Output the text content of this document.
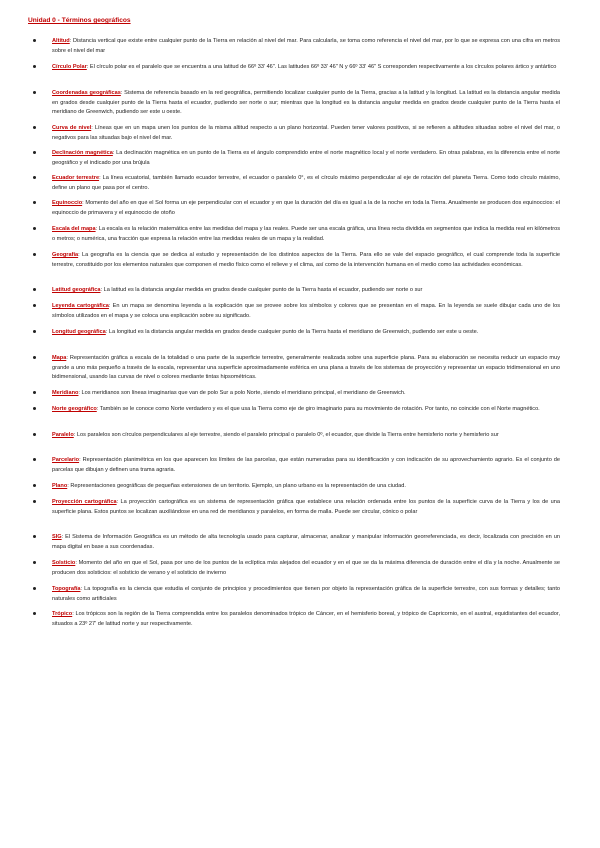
Unidad 0 - Términos geográficos

Altitud: Distancia vertical que existe entre cualquier punto de la Tierra en relación al nivel del mar. Para calcularla, se toma como referencia el nivel del mar, por lo que se expresa con una cifra en metros sobre el nivel del mar

Círculo Polar: El círculo polar es el paralelo que se encuentra a una latitud de 66º 33' 46". Las latitudes 66º 33' 46" N y 66º 33' 46" S corresponden respectivamente a los círculos polares ártico y antártico

Coordenadas geográficas: Sistema de referencia basado en la red geográfica, permitiendo localizar cualquier punto de la Tierra, gracias a la latitud y la longitud. La latitud es la distancia angular medida en grados desde cualquier punto de la Tierra hasta el ecuador, pudiendo ser norte o sur; mientras que la longitud es la distancia angular medida en grados desde cualquier punto de la Tierra hasta el meridiano de Greenwich, pudiendo ser este u oeste.

Curva de nivel: Líneas que en un mapa unen los puntos de la misma altitud respecto a un plano horizontal. Pueden tener valores positivos, si se refieren a altitudes situadas sobre el nivel del mar, o negativos para las situadas bajo el nivel del mar.

Declinación magnética: La declinación magnética en un punto de la Tierra es el ángulo comprendido entre el norte magnético local y el norte verdadero. En otras palabras, es la diferencia entre el norte geográfico y el indicado por una brújula

Ecuador terrestre: La línea ecuatorial, también llamado ecuador terrestre, el ecuador o paralelo 0°, es el círculo máximo perpendicular al eje de rotación del planeta Tierra. Como todo círculo máximo, define un plano que pasa por el centro.

Equinoccio: Momento del año en que el Sol forma un eje perpendicular con el ecuador y en que la duración del día es igual a la de la noche en toda la Tierra. Anualmente se producen dos equinoccios: el equinoccio de primavera y el equinoccio de otoño

Escala del mapa: La escala es la relación matemática entre las medidas del mapa y las reales. Puede ser una escala gráfica, una línea recta dividida en segmentos que indica la medida real en kilómetros o metros; o numérica, una fracción que expresa la relación entre las medidas reales de un mapa y la realidad.

Geografía: La geografía es la ciencia que se dedica al estudio y representación de los distintos aspectos de la Tierra. Para ello se vale del espacio geográfico, el cual comprende toda la superficie terrestre, constituido por los elementos naturales que componen el medio físico como el relieve y el clima, así como de la intervención humana en el medio como las actividades económicas.

Latitud geográfica: La latitud es la distancia angular medida en grados desde cualquier punto de la Tierra hasta el ecuador, pudiendo ser norte o sur

Leyenda cartográfica: En un mapa se denomina leyenda a la explicación que se provee sobre los símbolos y colores que se presentan en el mapa. En la leyenda se suele dibujar cada uno de los símbolos utilizados en el mapa y se coloca una explicación sobre su significado.

Longitud geográfica: La longitud es la distancia angular medida en grados desde cualquier punto de la Tierra hasta el meridiano de Greenwich, pudiendo ser este u oeste.

Mapa: Representación gráfica a escala de la totalidad o una parte de la superficie terrestre, generalmente realizada sobre una superficie plana. Para su elaboración se necesita reducir un espacio muy grande a uno más pequeño a través de la escala, representar una superficie aproximadamente esférica en una plana a través de los sistemas de proyección y representar un espacio tridimensional en uno bidimensional, usando las curvas de nivel o colores mediante tintas hipsométricas.

Meridiano: Los meridianos son líneas imaginarias que van de polo Sur a polo Norte, siendo el meridiano principal, el meridiano de Greenwich.

Norte geográfico: También se le conoce como Norte verdadero y es el que usa la Tierra como eje de giro imaginario para su movimiento de rotación. Por tanto, no coincide con el Norte magnético.

Paralelo: Los paralelos son círculos perpendiculares al eje terrestre, siendo el paralelo principal o paralelo 0º, el ecuador, que divide la Tierra entre hemisferio norte y hemisferio sur

Parcelario: Representación planimétrica en los que aparecen los límites de las parcelas, que están numeradas para su identificación y con indicación de su aprovechamiento agrario. Es el conjunto de parcelas que dibujan y definen una trama agraria.

Plano: Representaciones geográficas de pequeñas extensiones de un territorio. Ejemplo, un plano urbano es la representación de una ciudad.

Proyección cartográfica: La proyección cartográfica es un sistema de representación gráfica que establece una relación ordenada entre los puntos de la superficie curva de la Tierra y los de una superficie plana. Estos puntos se localizan auxiliándose en una red de meridianos y paralelos, en forma de malla. Puede ser circular, cónico o polar

SIG: El Sistema de Información Geográfica es un método de alta tecnología usado para capturar, almacenar, analizar y manipular información georreferenciada, es decir, localizada con precisión en un mapa digital en base a sus coordenadas.

Solsticio: Momento del año en que el Sol, pasa por uno de los puntos de la eclíptica más alejados del ecuador y en el que se da la máxima diferencia de duración entre el día y la noche. Anualmente se producen dos solsticios: el solsticio de verano y el solsticio de invierno

Topografía: La topografía es la ciencia que estudia el conjunto de principios y procedimientos que tienen por objeto la representación gráfica de la superficie terrestre, con sus formas y detalles; tanto naturales como artificiales

Trópico: Los trópicos son la región de la Tierra comprendida entre los paralelos denominados trópico de Cáncer, en el hemisferio boreal, y trópico de Capricornio, en el austral, equidistantes del ecuador, situados a 23º 27' de latitud norte y sur respectivamente.
